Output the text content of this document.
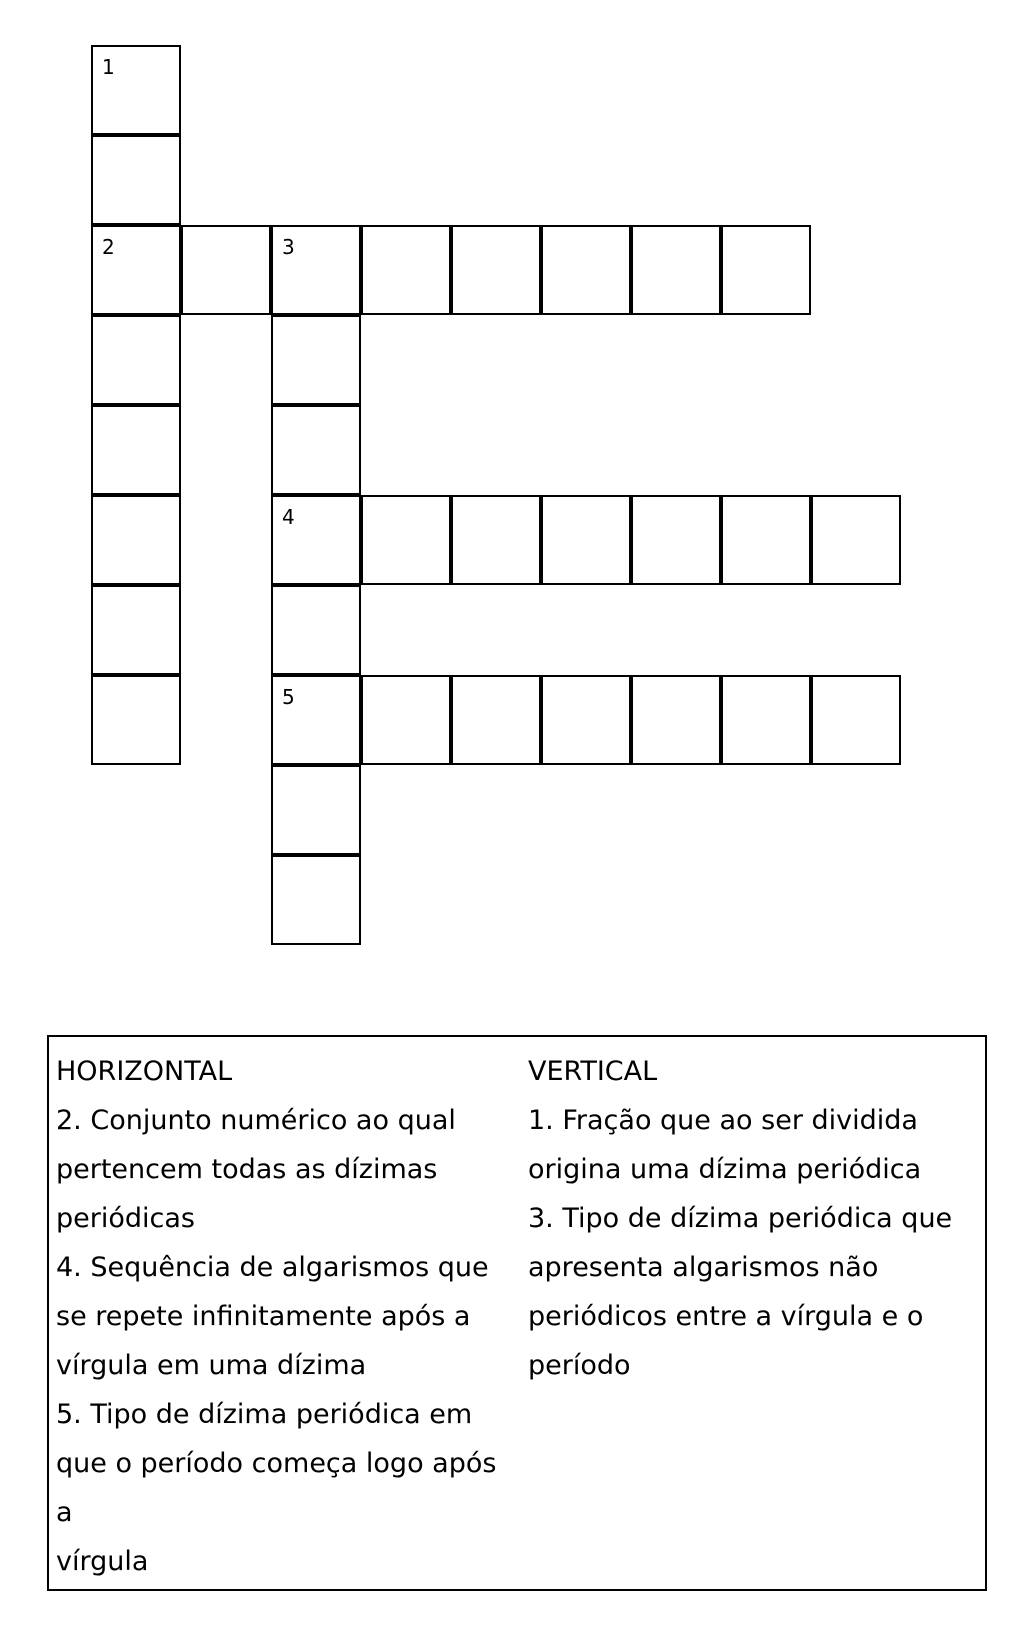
1
2	3
4
5
HORIZONTAL
2. Conjunto numérico ao qual
pertencem todas as dízimas
periódicas
4. Sequência de algarismos que
se repete infinitamente após a
vírgula em uma dízima
5. Tipo de dízima periódica em
que o período começa logo após a
vírgula
VERTICAL
1. Fração que ao ser dividida
origina uma dízima periódica
3. Tipo de dízima periódica que
apresenta algarismos não
periódicos entre a vírgula e o
período
